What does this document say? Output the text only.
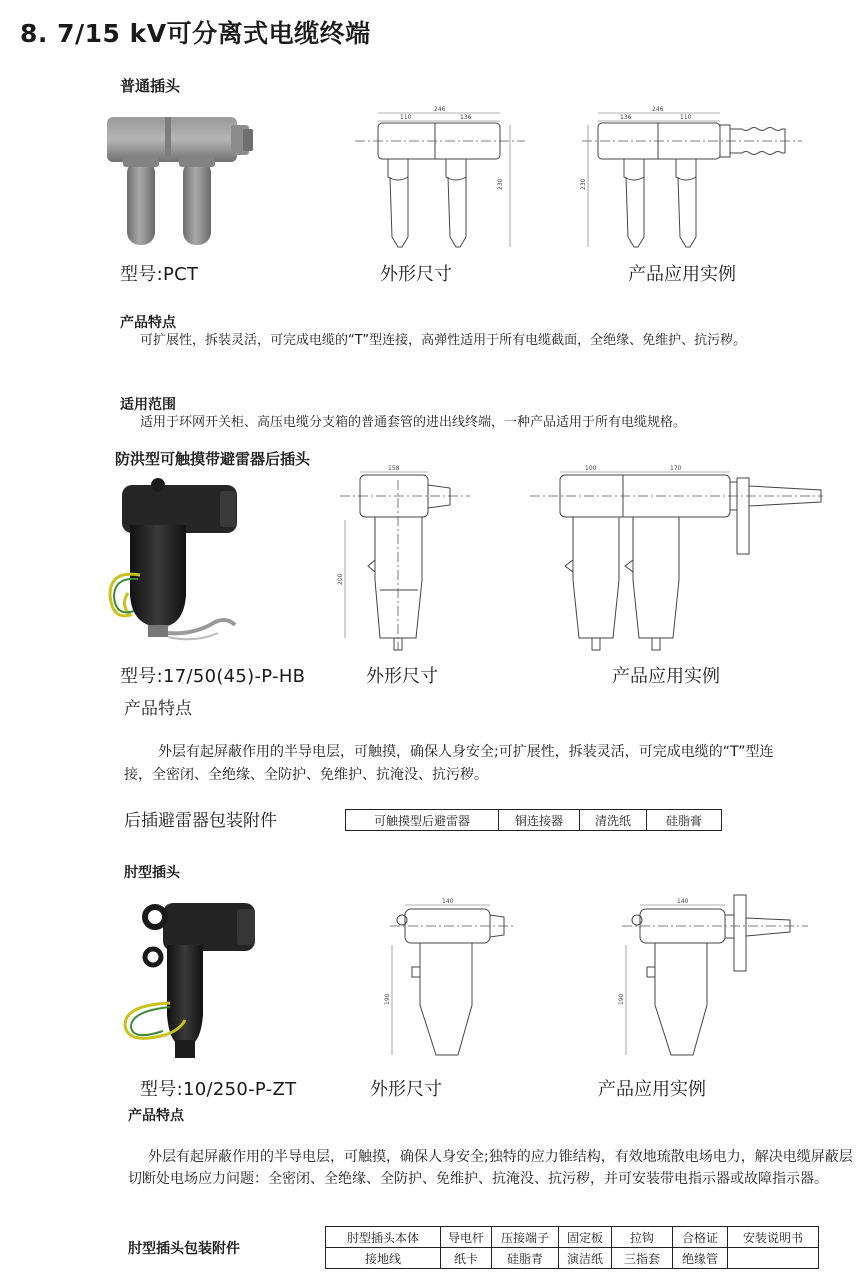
8. 7/15 kV可分离式电缆终端
普通插头
246
110	136
230
246
136	110
230
型号:PCT	外形尺寸	产品应用实例
产品特点
可扩展性，拆装灵活，可完成电缆的“T”型连接，高弹性适用于所有电缆截面，全绝缘、免维护、抗污秽。
适用范围
适用于环网开关柜、高压电缆分支箱的普通套管的进出线终端，一种产品适用于所有电缆规格。
防洪型可触摸带避雷器后插头
158
200
100	170
型号:17/50(45)-P-HB	外形尺寸	产品应用实例
产品特点
外层有起屏蔽作用的半导电层，可触摸，确保人身安全;可扩展性，拆装灵活，可完成电缆的“T”型连接，全密闭、全绝缘、全防护、免维护、抗淹没、抗污秽。
后插避雷器包装附件	可触摸型后避雷器	铜连接器	清洗纸	硅脂膏
肘型插头
140
190
140
190
型号:10/250-P-ZT	外形尺寸	产品应用实例
产品特点
外层有起屏蔽作用的半导电层，可触摸，确保人身安全;独特的应力锥结构，有效地琉散电场电力，解决电缆屏蔽层切断处电场应力问题：全密闭、全绝缘、全防护、免维护、抗淹没、抗污秽，并可安装带电指示器或故障指示器。
肘型插头包装附件
肘型插头本体	导电杆	压接端子	固定板	拉钩	合格证	安装说明书
接地线	纸卡	硅脂青	演洁纸	三指套	绝缘管	
